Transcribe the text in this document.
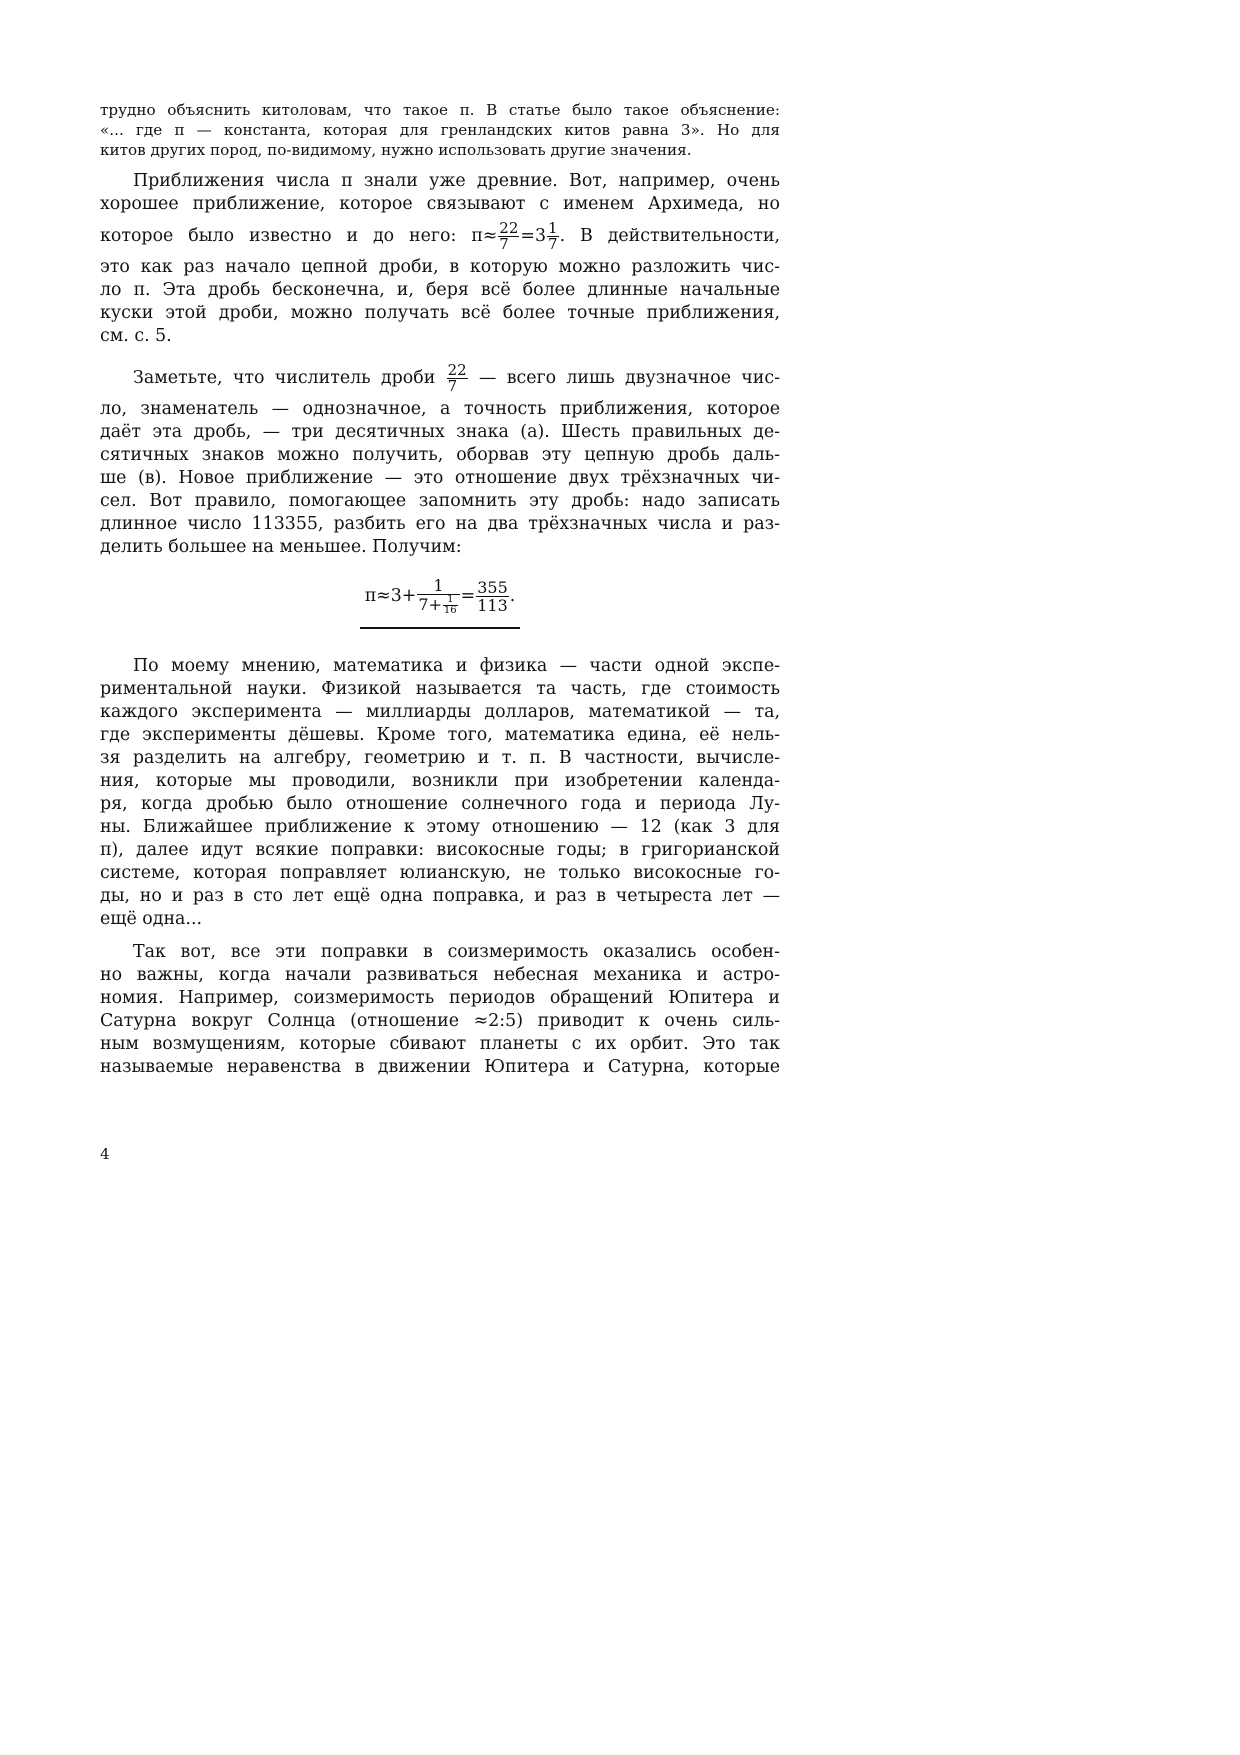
трудно объяснить китоловам, что такое π. В статье было такое объяснение:
«... где π — константа, которая для гренландских китов равна 3». Но для
китов других пород, по-видимому, нужно использовать другие значения.
Приближения числа π знали уже древние. Вот, например, очень
хорошее приближение, которое связывают с именем Архимеда, но
которое было известно и до него: $\pi\approx \frac{22}{7} =3 \frac{1}{7}$ . В действительности,
это как раз начало цепной дроби, в которую можно разложить чис-
ло π. Эта дробь бесконечна, и, беря всё более длинные начальные
куски этой дроби, можно получать всё более точные приближения,
см. с. 5.
Заметьте, что числитель дроби $\frac{22}{7}$ — всего лишь двузначное чис-
ло, знаменатель — однозначное, а точность приближения, которое
даёт эта дробь, — три десятичных знака (а). Шесть правильных де-
сятичных знаков можно получить, оборвав эту цепную дробь даль-
ше (в). Новое приближение — это отношение двух трёхзначных чи-
сел. Вот правило, помогающее запомнить эту дробь: надо записать
длинное число 113355, разбить его на два трёхзначных числа и раз-
делить большее на меньшее. Получим:
$\pi\approx 3+ \frac{1}{7+ \frac{1}{16}} = \frac{355}{113}$ .
По моему мнению, математика и физика — части одной экспе-
риментальной науки. Физикой называется та часть, где стоимость
каждого эксперимента — миллиарды долларов, математикой — та,
где эксперименты дёшевы. Кроме того, математика едина, её нель-
зя разделить на алгебру, геометрию и т. п. В частности, вычисле-
ния, которые мы проводили, возникли при изобретении календа-
ря, когда дробью было отношение солнечного года и периода Лу-
ны. Ближайшее приближение к этому отношению — 12 (как 3 для
π), далее идут всякие поправки: високосные годы; в григорианской
системе, которая поправляет юлианскую, не только високосные го-
ды, но и раз в сто лет ещё одна поправка, и раз в четыреста лет —
ещё одна...
Так вот, все эти поправки в соизмеримость оказались особен-
но важны, когда начали развиваться небесная механика и астро-
номия. Например, соизмеримость периодов обращений Юпитера и
Сатурна вокруг Солнца (отношение ≈2:5) приводит к очень силь-
ным возмущениям, которые сбивают планеты с их орбит. Это так
называемые неравенства в движении Юпитера и Сатурна, которые
4
